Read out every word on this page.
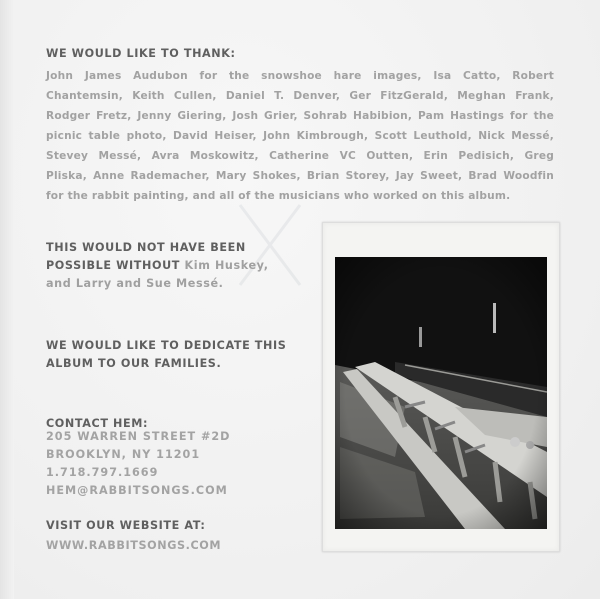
WE WOULD LIKE TO THANK:
John James Audubon for the snowshoe hare images, Isa Catto, Robert
Chantemsin, Keith Cullen, Daniel T. Denver, Ger FitzGerald, Meghan Frank,
Rodger Fretz, Jenny Giering, Josh Grier, Sohrab Habibion, Pam Hastings for the
picnic table photo, David Heiser, John Kimbrough, Scott Leuthold, Nick Messé,
Stevey Messé, Avra Moskowitz, Catherine VC Outten, Erin Pedisich, Greg
Pliska, Anne Rademacher, Mary Shokes, Brian Storey, Jay Sweet, Brad Woodfin
for the rabbit painting, and all of the musicians who worked on this album.
THIS WOULD NOT HAVE BEEN
POSSIBLE WITHOUT Kim Huskey,
and Larry and Sue Messé.
WE WOULD LIKE TO DEDICATE THIS
ALBUM TO OUR FAMILIES.
CONTACT HEM:
205 WARREN STREET #2D
BROOKLYN, NY 11201
1.718.797.1669
HEM@RABBITSONGS.COM
VISIT OUR WEBSITE AT:
WWW.RABBITSONGS.COM
